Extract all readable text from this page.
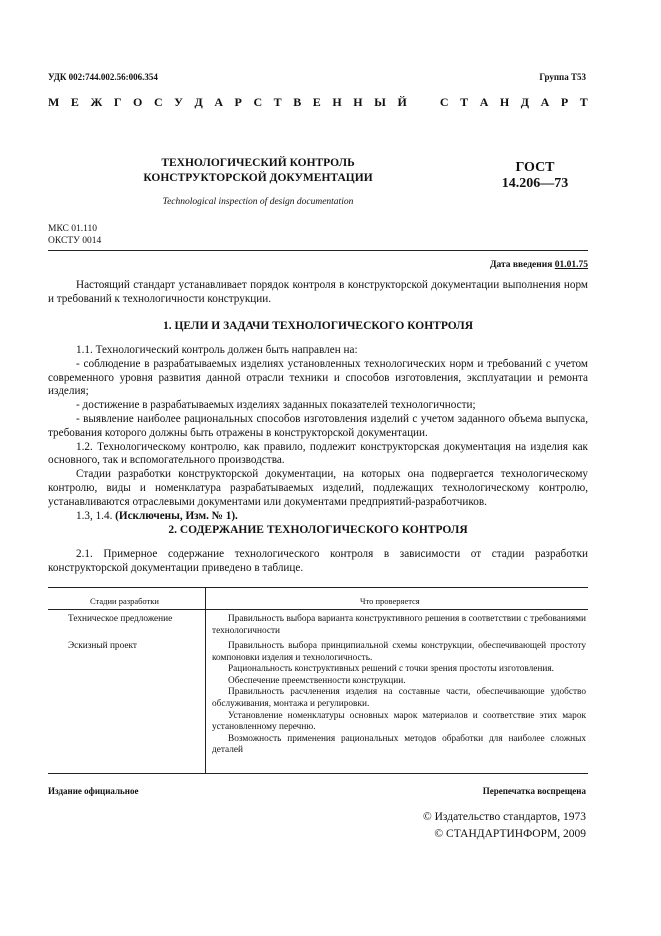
УДК 002:744.002.56:006.354	Группа Т53
М Е Ж Г О С У Д А Р С Т В Е Н Н Ы Й	С Т А Н Д А Р Т
ТЕХНОЛОГИЧЕСКИЙ КОНТРОЛЬ
КОНСТРУКТОРСКОЙ ДОКУМЕНТАЦИИ
ГОСТ
14.206—73
Technological inspection of design documentation
МКС 01.110
ОКСТУ 0014
Дата введения 01.01.75

Настоящий стандарт устанавливает порядок контроля в конструкторской документации выполнения норм и требований к технологичности конструкции.

1. ЦЕЛИ И ЗАДАЧИ ТЕХНОЛОГИЧЕСКОГО КОНТРОЛЯ

1.1. Технологический контроль должен быть направлен на:

- соблюдение в разрабатываемых изделиях установленных технологических норм и требований с учетом современного уровня развития данной отрасли техники и способов изготовления, эксплуатации и ремонта изделия;

- достижение в разрабатываемых изделиях заданных показателей технологичности;

- выявление наиболее рациональных способов изготовления изделий с учетом заданного объема выпуска, требования которого должны быть отражены в конструкторской документации.

1.2. Технологическому контролю, как правило, подлежит конструкторская документация на изделия как основного, так и вспомогательного производства.

Стадии разработки конструкторской документации, на которых она подвергается технологическому контролю, виды и номенклатура разрабатываемых изделий, подлежащих технологическому контролю, устанавливаются отраслевыми документами или документами предприятий-разработчиков.

1.3, 1.4. (Исключены, Изм. № 1).

2. СОДЕРЖАНИЕ ТЕХНОЛОГИЧЕСКОГО КОНТРОЛЯ

2.1. Примерное содержание технологического контроля в зависимости от стадии разработки конструкторской документации приведено в таблице.

Стадии разработки	Что проверяется
Техническое предложение	Правильность выбора варианта конструктивного решения в соответствии с требованиями технологичности

Эскизный проект	Правильность выбора принципиальной схемы конструкции, обеспечивающей простоту компоновки изделия и технологичность.

Рациональность конструктивных решений с точки зрения простоты изготовления.

Обеспечение преемственности конструкции.

Правильность расчленения изделия на составные части, обеспечивающие удобство обслуживания, монтажа и регулировки.

Установление номенклатуры основных марок материалов и соответствие этих марок установленному перечню.

Возможность применения рациональных методов обработки для наиболее сложных деталей

Издание официальное	Перепечатка воспрещена
© Издательство стандартов, 1973
© СТАНДАРТИНФОРМ, 2009
